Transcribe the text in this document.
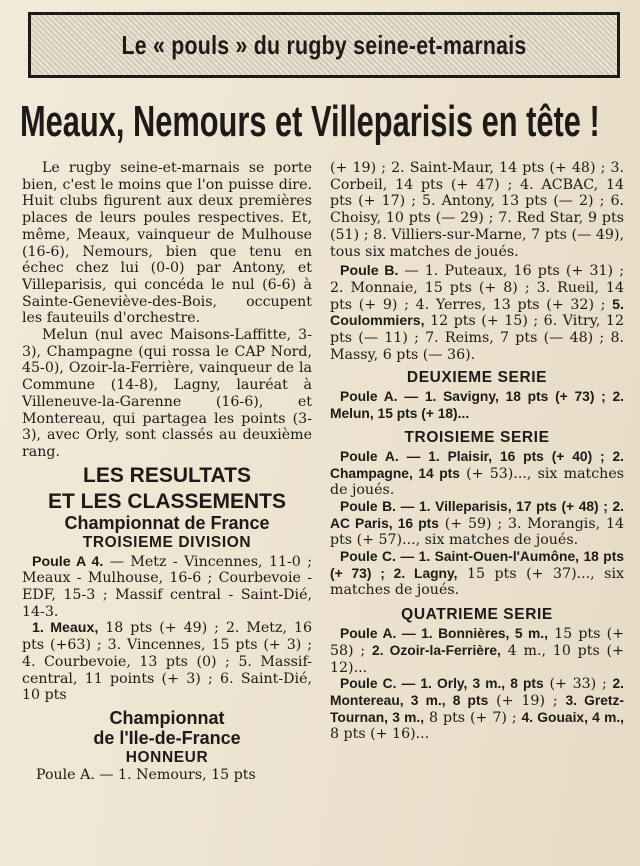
Le « pouls » du rugby seine-et-marnais
Meaux, Nemours et Villeparisis en tête !

Le rugby seine-et-marnais se porte bien, c'est le moins que l'on puisse dire. Huit clubs figurent aux deux premières places de leurs poules respectives. Et, même, Meaux, vainqueur de Mulhouse (16-6), Nemours, bien que tenu en échec chez lui (0-0) par Antony, et Villeparisis, qui concéda le nul (6-6) à Sainte-Geneviève-des-Bois, occupent les fauteuils d'orchestre.

Melun (nul avec Maisons-Laffitte, 3-3), Champagne (qui rossa le CAP Nord, 45-0), Ozoir-la-Ferrière, vainqueur de la Commune (14-8), Lagny, lauréat à Villeneuve-la-Garenne (16-6), et Montereau, qui partagea les points (3-3), avec Orly, sont classés au deuxième rang.

LES RESULTATS

ET LES CLASSEMENTS

Championnat de France

TROISIEME DIVISION

Poule A 4. — Metz - Vincennes, 11-0 ; Meaux - Mulhouse, 16-6 ; Courbevoie - EDF, 15-3 ; Massif central - Saint-Dié, 14-3.

1. Meaux, 18 pts (+ 49) ; 2. Metz, 16 pts (+63) ; 3. Vincennes, 15 pts (+ 3) ; 4. Courbevoie, 13 pts (0) ; 5. Massif-central, 11 points (+ 3) ; 6. Saint-Dié, 10 pts

Championnat

de l'Ile-de-France

HONNEUR

Poule A. — 1. Nemours, 15 pts

(+ 19) ; 2. Saint-Maur, 14 pts (+ 48) ; 3. Corbeil, 14 pts (+ 47) ; 4. ACBAC, 14 pts (+ 17) ; 5. Antony, 13 pts (— 2) ; 6. Choisy, 10 pts (— 29) ; 7. Red Star, 9 pts (51) ; 8. Villiers-sur-Marne, 7 pts (— 49), tous six matches de joués.

Poule B. — 1. Puteaux, 16 pts (+ 31) ; 2. Monnaie, 15 pts (+ 8) ; 3. Rueil, 14 pts (+ 9) ; 4. Yerres, 13 pts (+ 32) ; 5. Coulommiers, 12 pts (+ 15) ; 6. Vitry, 12 pts (— 11) ; 7. Reims, 7 pts (— 48) ; 8. Massy, 6 pts (— 36).

DEUXIEME SERIE

Poule A. — 1. Savigny, 18 pts (+ 73) ; 2. Melun, 15 pts (+ 18)...

TROISIEME SERIE

Poule A. — 1. Plaisir, 16 pts (+ 40) ; 2. Champagne, 14 pts (+ 53)..., six matches de joués.

Poule B. — 1. Villeparisis, 17 pts (+ 48) ; 2. AC Paris, 16 pts (+ 59) ; 3. Morangis, 14 pts (+ 57)..., six matches de joués.

Poule C. — 1. Saint-Ouen-l'Aumône, 18 pts (+ 73) ; 2. Lagny, 15 pts (+ 37)..., six matches de joués.

QUATRIEME SERIE

Poule A. — 1. Bonnières, 5 m., 15 pts (+ 58) ; 2. Ozoir-la-Ferrière, 4 m., 10 pts (+ 12)...

Poule C. — 1. Orly, 3 m., 8 pts (+ 33) ; 2. Montereau, 3 m., 8 pts (+ 19) ; 3. Gretz-Tournan, 3 m., 8 pts (+ 7) ; 4. Gouaix, 4 m., 8 pts (+ 16)...
